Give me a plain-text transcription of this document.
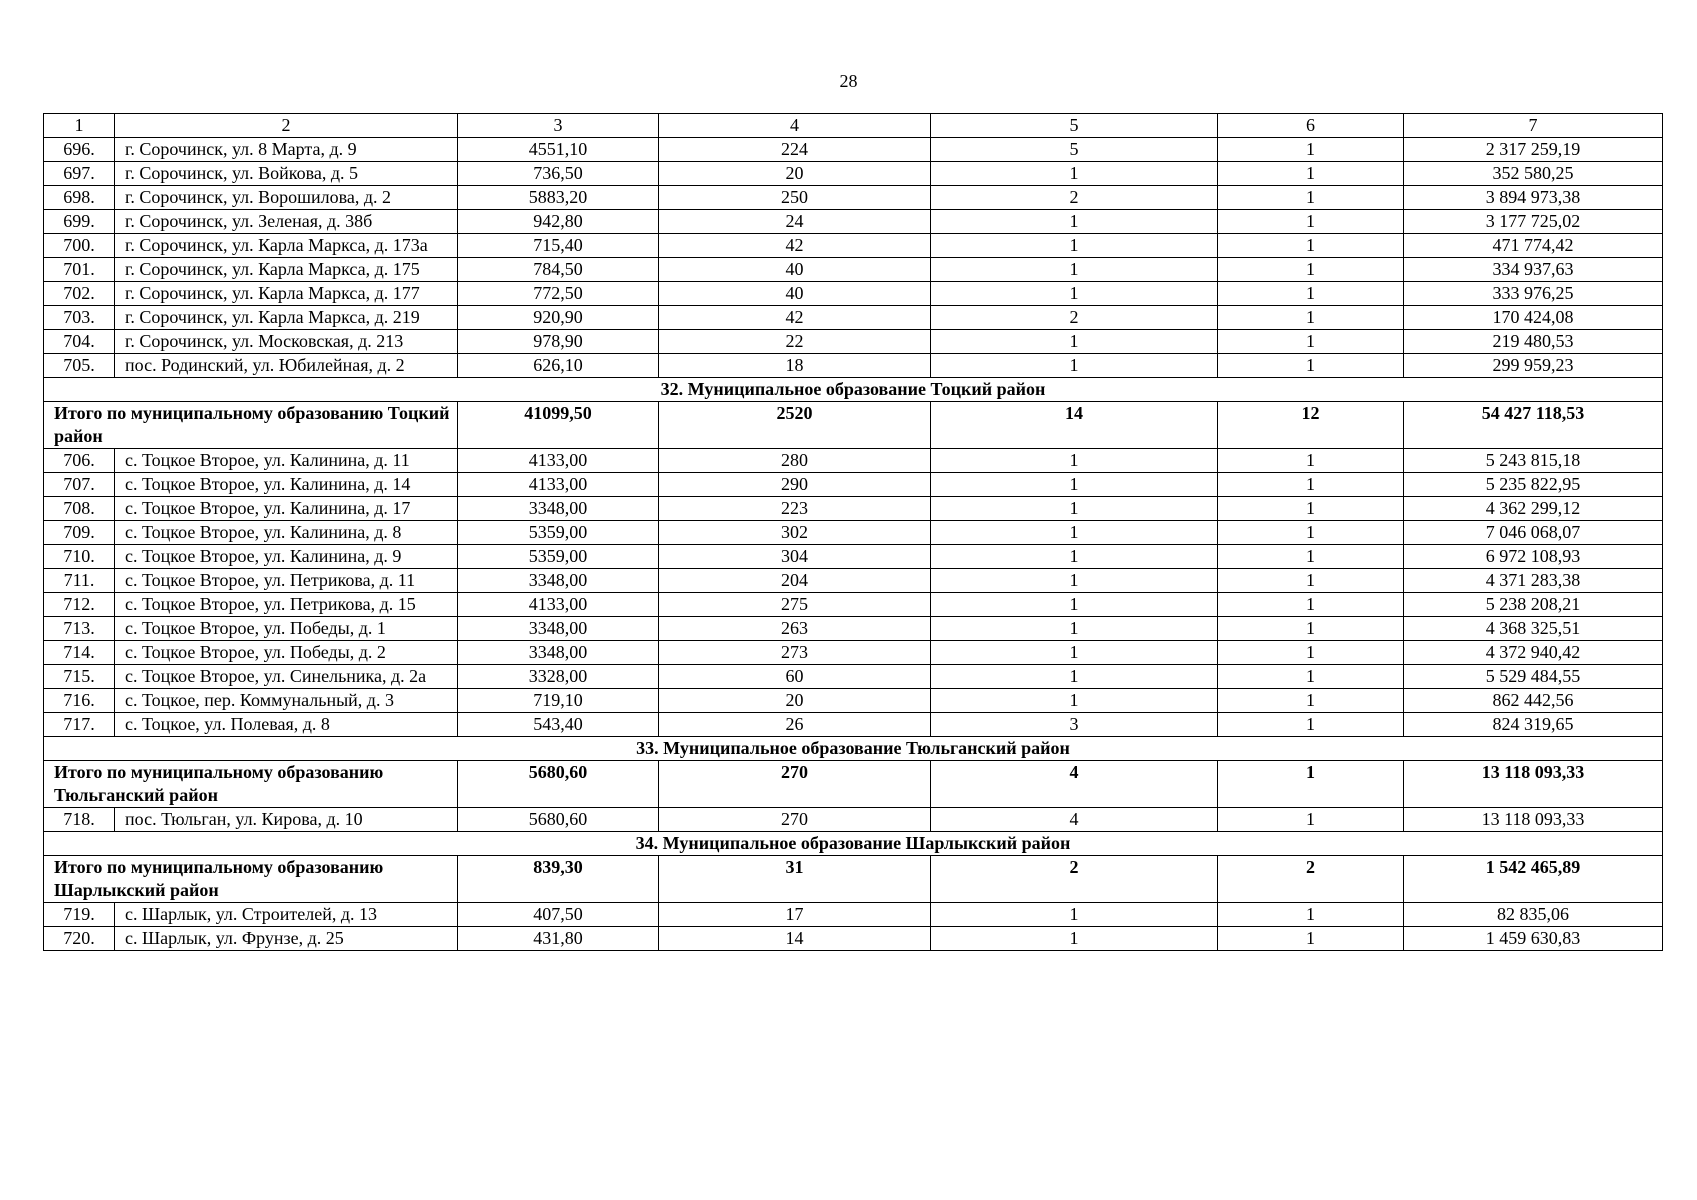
28
1	2	3	4	5	6	7
696.	г. Сорочинск, ул. 8 Марта, д. 9	4551,10	224	5	1	2 317 259,19
697.	г. Сорочинск, ул. Войкова, д. 5	736,50	20	1	1	352 580,25
698.	г. Сорочинск, ул. Ворошилова, д. 2	5883,20	250	2	1	3 894 973,38
699.	г. Сорочинск, ул. Зеленая, д. 38б	942,80	24	1	1	3 177 725,02
700.	г. Сорочинск, ул. Карла Маркса, д. 173а	715,40	42	1	1	471 774,42
701.	г. Сорочинск, ул. Карла Маркса, д. 175	784,50	40	1	1	334 937,63
702.	г. Сорочинск, ул. Карла Маркса, д. 177	772,50	40	1	1	333 976,25
703.	г. Сорочинск, ул. Карла Маркса, д. 219	920,90	42	2	1	170 424,08
704.	г. Сорочинск, ул. Московская, д. 213	978,90	22	1	1	219 480,53
705.	пос. Родинский, ул. Юбилейная, д. 2	626,10	18	1	1	299 959,23
32. Муниципальное образование Тоцкий район						
Итого по муниципальному образованию Тоцкий район		41099,50	2520	14	12	54 427 118,53
706.	с. Тоцкое Второе, ул. Калинина, д. 11	4133,00	280	1	1	5 243 815,18
707.	с. Тоцкое Второе, ул. Калинина, д. 14	4133,00	290	1	1	5 235 822,95
708.	с. Тоцкое Второе, ул. Калинина, д. 17	3348,00	223	1	1	4 362 299,12
709.	с. Тоцкое Второе, ул. Калинина, д. 8	5359,00	302	1	1	7 046 068,07
710.	с. Тоцкое Второе, ул. Калинина, д. 9	5359,00	304	1	1	6 972 108,93
711.	с. Тоцкое Второе, ул. Петрикова, д. 11	3348,00	204	1	1	4 371 283,38
712.	с. Тоцкое Второе, ул. Петрикова, д. 15	4133,00	275	1	1	5 238 208,21
713.	с. Тоцкое Второе, ул. Победы, д. 1	3348,00	263	1	1	4 368 325,51
714.	с. Тоцкое Второе, ул. Победы, д. 2	3348,00	273	1	1	4 372 940,42
715.	с. Тоцкое Второе, ул. Синельника, д. 2а	3328,00	60	1	1	5 529 484,55
716.	с. Тоцкое, пер. Коммунальный, д. 3	719,10	20	1	1	862 442,56
717.	с. Тоцкое, ул. Полевая, д. 8	543,40	26	3	1	824 319,65
33. Муниципальное образование Тюльганский район						
Итого по муниципальному образованию Тюльганский район		5680,60	270	4	1	13 118 093,33
718.	пос. Тюльган, ул. Кирова, д. 10	5680,60	270	4	1	13 118 093,33
34. Муниципальное образование Шарлыкский район						
Итого по муниципальному образованию Шарлыкский район		839,30	31	2	2	1 542 465,89
719.	с. Шарлык, ул. Строителей, д. 13	407,50	17	1	1	82 835,06
720.	с. Шарлык, ул. Фрунзе, д. 25	431,80	14	1	1	1 459 630,83
